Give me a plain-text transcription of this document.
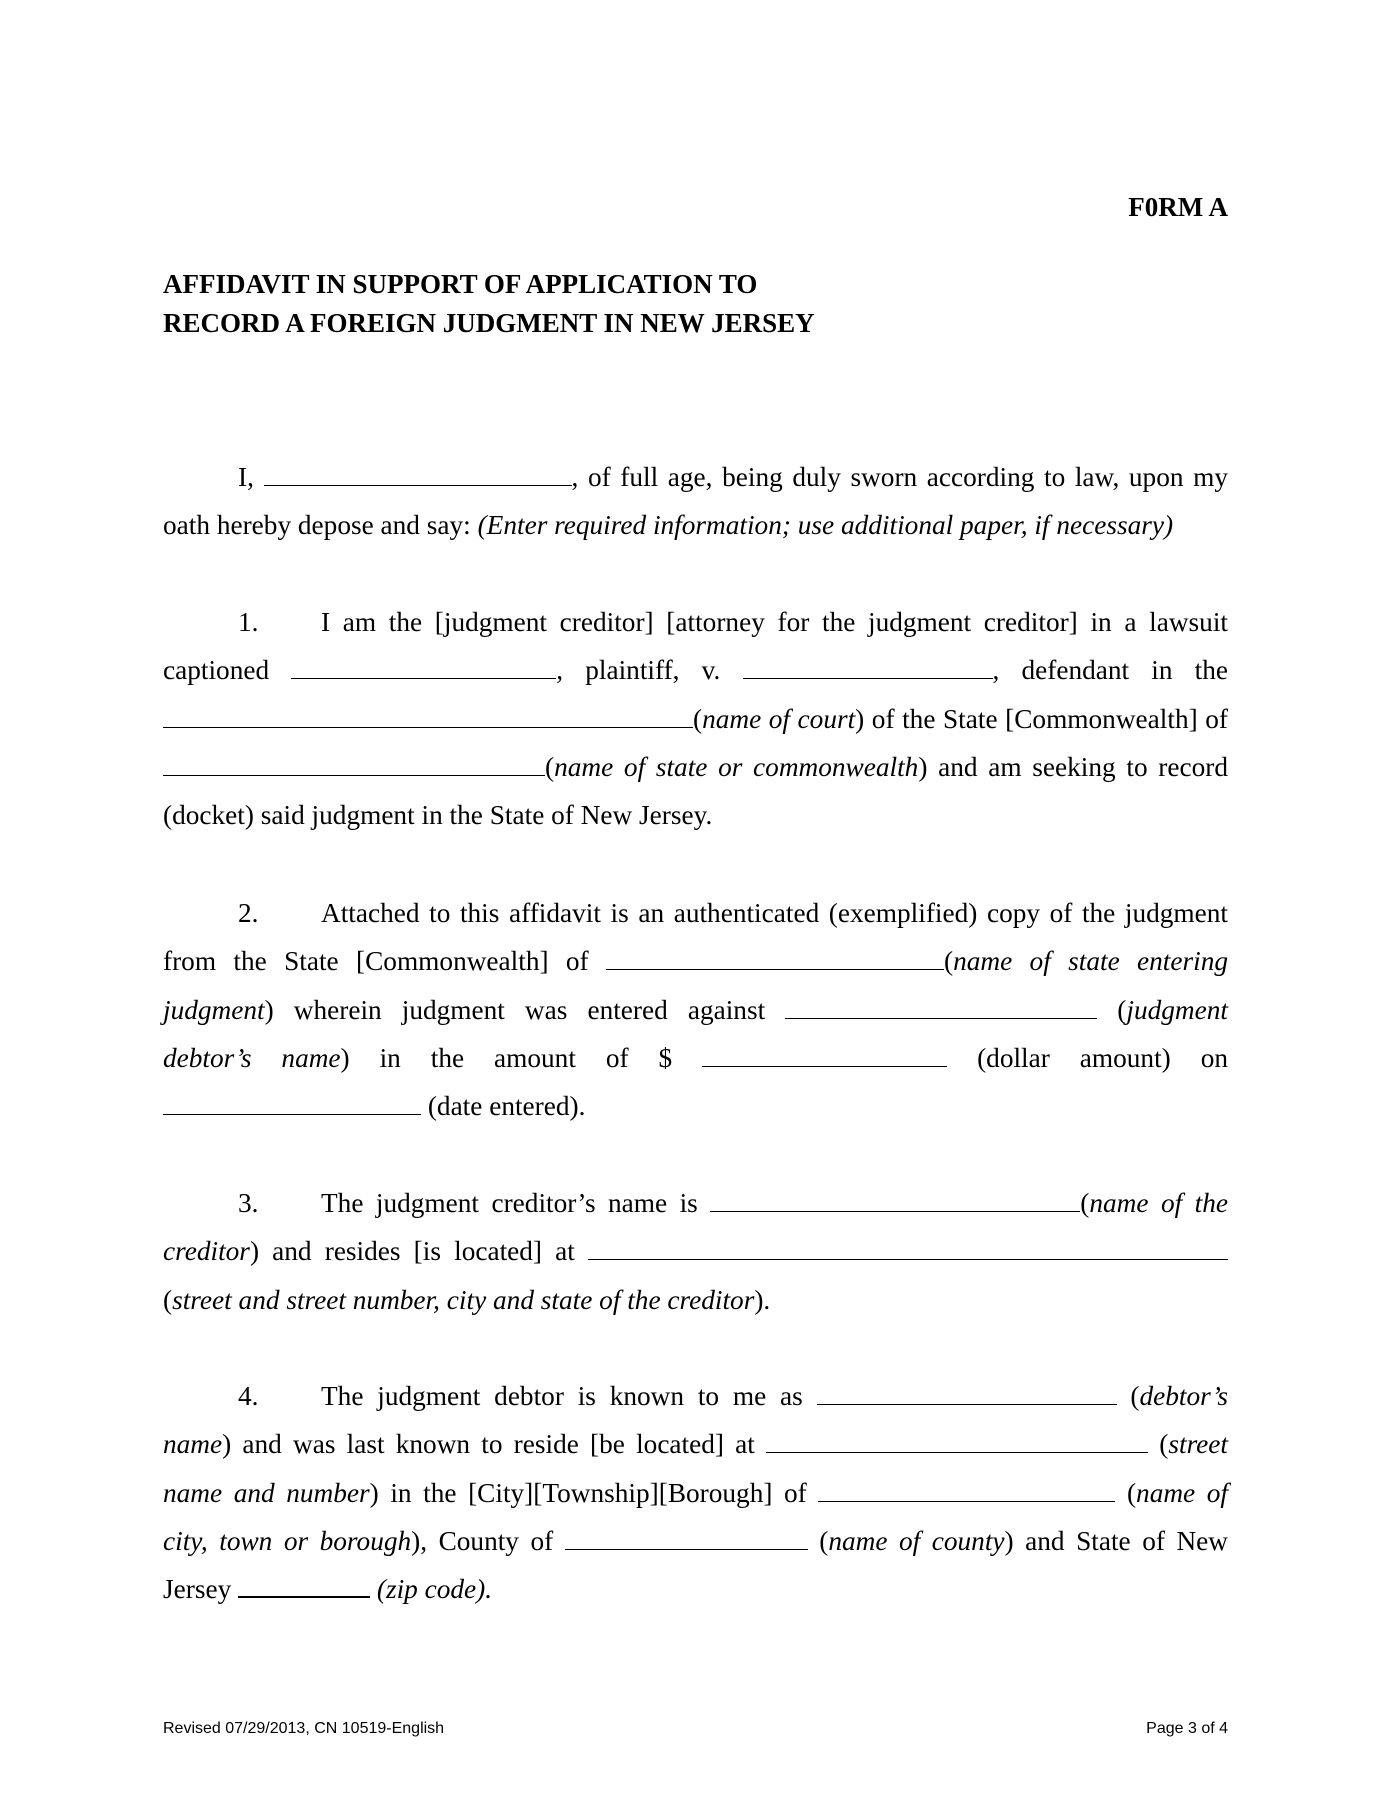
F0RM A
AFFIDAVIT IN SUPPORT OF APPLICATION TO
RECORD A FOREIGN JUDGMENT IN NEW JERSEY
I,	, of full age, being duly sworn according to law, upon my
oath hereby depose and say: (Enter required information; use additional paper, if necessary)
1. I am the [judgment creditor] [attorney for the judgment creditor] in a lawsuit
captioned	, plaintiff, v.	, defendant in the
(name of court) of the State [Commonwealth] of
(name of state or commonwealth) and am seeking to record
(docket) said judgment in the State of New Jersey.
2. Attached to this affidavit is an authenticated (exemplified) copy of the judgment
from the State [Commonwealth] of	(name of state entering
judgment) wherein judgment was entered against	(judgment
debtor’s name) in the amount of $	(dollar amount) on
(date entered).
3. The judgment creditor’s name is	(name of the
creditor) and resides [is located] at
(street and street number, city and state of the creditor).
4. The judgment debtor is known to me as	(debtor’s
name) and was last known to reside [be located] at	(street
name and number) in the [City][Township][Borough] of	(name of
city, town or borough), County of	(name of county) and State of New
Jersey	(zip code).
Revised 07/29/2013, CN 10519-English	Page 3 of 4
